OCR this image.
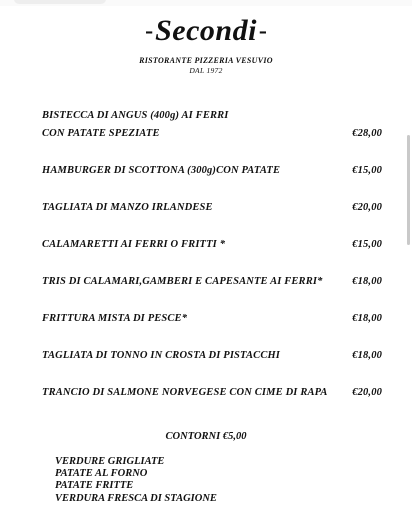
- Secondi -
RISTORANTE PIZZERIA VESUVIO
DAL 1972
BISTECCA DI ANGUS (400g) AI FERRI
CON PATATE SPEZIATE	€28,00
HAMBURGER DI SCOTTONA (300g)CON PATATE	€15,00
TAGLIATA DI MANZO IRLANDESE	€20,00
CALAMARETTI AI FERRI O FRITTI *	€15,00
TRIS DI CALAMARI,GAMBERI E CAPESANTE AI FERRI*	€18,00
FRITTURA MISTA DI PESCE*	€18,00
TAGLIATA DI TONNO IN CROSTA DI PISTACCHI	€18,00
TRANCIO DI SALMONE NORVEGESE CON CIME DI RAPA €20,00
CONTORNI €5,00
VERDURE GRIGLIATE
PATATE AL FORNO
PATATE FRITTE
VERDURA FRESCA DI STAGIONE
